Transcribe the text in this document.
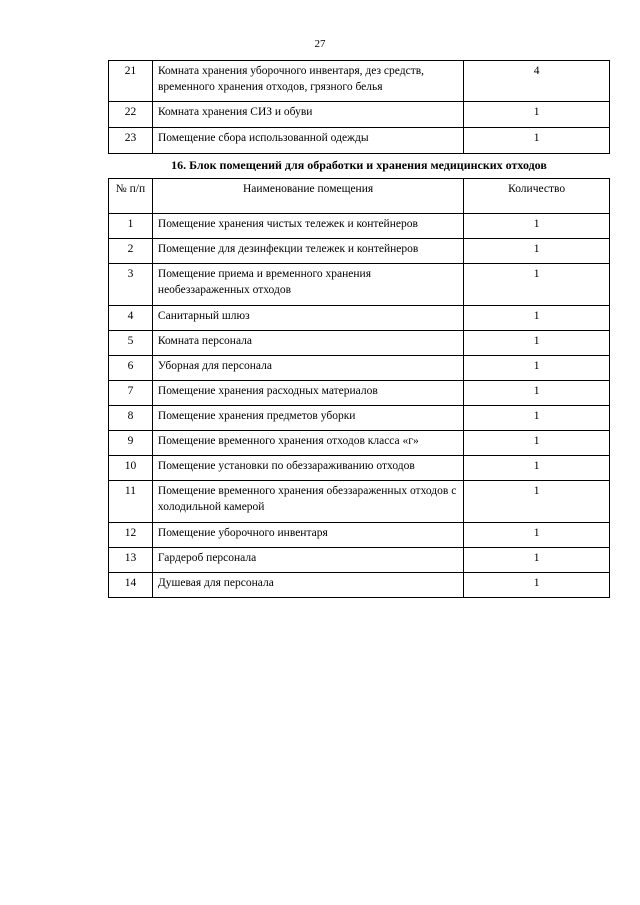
27
21	Комната хранения уборочного инвентаря, дез средств, временного хранения отходов, грязного белья	4
22	Комната хранения СИЗ и обуви	1
23	Помещение сбора использованной одежды	1
16. Блок помещений для обработки и хранения медицинских отходов
№ п/п	Наименование помещения	Количество
1	Помещение хранения чистых тележек и контейнеров	1
2	Помещение для дезинфекции тележек и контейнеров	1
3	Помещение приема и временного хранения необеззараженных отходов	1
4	Санитарный шлюз	1
5	Комната персонала	1
6	Уборная для персонала	1
7	Помещение хранения расходных материалов	1
8	Помещение хранения предметов уборки	1
9	Помещение временного хранения отходов класса «г»	1
10	Помещение установки по обеззараживанию отходов	1
11	Помещение временного хранения обеззараженных отходов с холодильной камерой	1
12	Помещение уборочного инвентаря	1
13	Гардероб персонала	1
14	Душевая для персонала	1
